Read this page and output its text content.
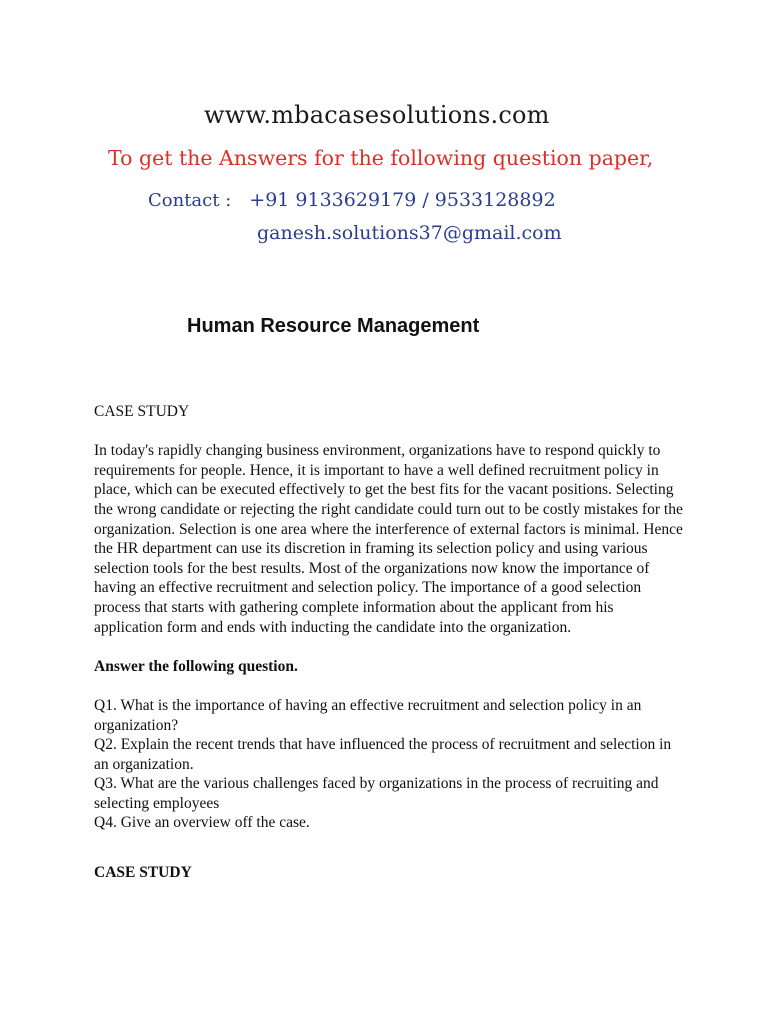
www.mbacasesolutions.com
To get the Answers for the following question paper,
Contact : +91 9133629179 / 9533128892
ganesh.solutions37@gmail.com
Human Resource Management

CASE STUDY

In today's rapidly changing business environment, organizations have to respond quickly to requirements for people. Hence, it is important to have a well defined recruitment policy in place, which can be executed effectively to get the best fits for the vacant positions. Selecting the wrong candidate or rejecting the right candidate could turn out to be costly mistakes for the organization. Selection is one area where the interference of external factors is minimal. Hence the HR department can use its discretion in framing its selection policy and using various selection tools for the best results. Most of the organizations now know the importance of having an effective recruitment and selection policy. The importance of a good selection process that starts with gathering complete information about the applicant from his application form and ends with inducting the candidate into the organization.

Answer the following question.

Q1. What is the importance of having an effective recruitment and selection policy in an organization?

Q2. Explain the recent trends that have influenced the process of recruitment and selection in an organization.

Q3. What are the various challenges faced by organizations in the process of recruiting and selecting employees

Q4. Give an overview off the case.

CASE STUDY
